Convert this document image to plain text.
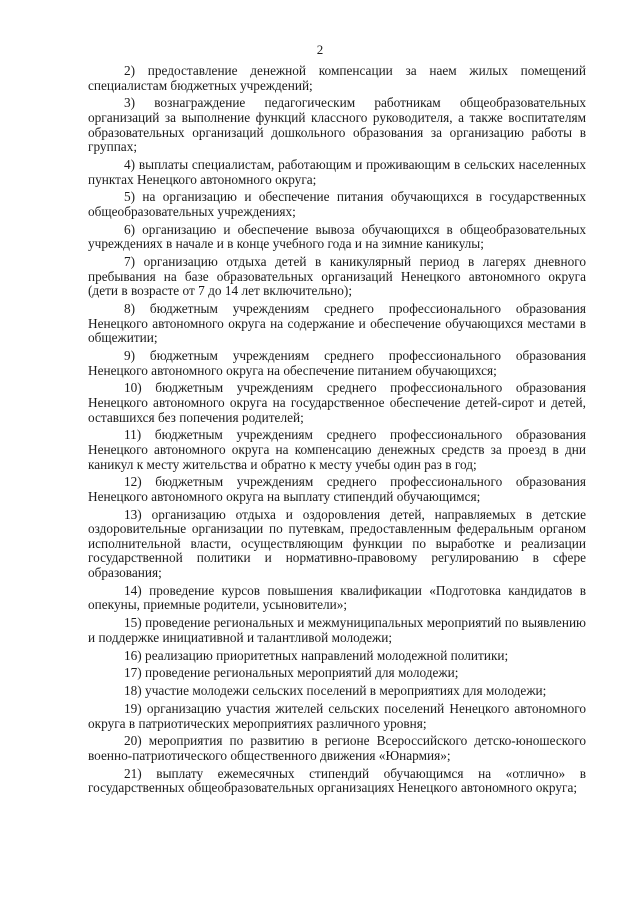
2

2) предоставление денежной компенсации за наем жилых помещений специалистам бюджетных учреждений;

3) вознаграждение педагогическим работникам общеобразовательных организаций за выполнение функций классного руководителя, а также воспитателям образовательных организаций дошкольного образования за организацию работы в группах;

4) выплаты специалистам, работающим и проживающим в сельских населенных пунктах Ненецкого автономного округа;

5) на организацию и обеспечение питания обучающихся в государственных общеобразовательных учреждениях;

6) организацию и обеспечение вывоза обучающихся в общеобразовательных учреждениях в начале и в конце учебного года и на зимние каникулы;

7) организацию отдыха детей в каникулярный период в лагерях дневного пребывания на базе образовательных организаций Ненецкого автономного округа (дети в возрасте от 7 до 14 лет включительно);

8) бюджетным учреждениям среднего профессионального образования Ненецкого автономного округа на содержание и обеспечение обучающихся местами в общежитии;

9) бюджетным учреждениям среднего профессионального образования Ненецкого автономного округа на обеспечение питанием обучающихся;

10) бюджетным учреждениям среднего профессионального образования Ненецкого автономного округа на государственное обеспечение детей-сирот и детей, оставшихся без попечения родителей;

11) бюджетным учреждениям среднего профессионального образования Ненецкого автономного округа на компенсацию денежных средств за проезд в дни каникул к месту жительства и обратно к месту учебы один раз в год;

12) бюджетным учреждениям среднего профессионального образования Ненецкого автономного округа на выплату стипендий обучающимся;

13) организацию отдыха и оздоровления детей, направляемых в детские оздоровительные организации по путевкам, предоставленным федеральным органом исполнительной власти, осуществляющим функции по выработке и реализации государственной политики и нормативно-правовому регулированию в сфере образования;

14) проведение курсов повышения квалификации «Подготовка кандидатов в опекуны, приемные родители, усыновители»;

15) проведение региональных и межмуниципальных мероприятий по выявлению и поддержке инициативной и талантливой молодежи;

16) реализацию приоритетных направлений молодежной политики;

17) проведение региональных мероприятий для молодежи;

18) участие молодежи сельских поселений в мероприятиях для молодежи;

19) организацию участия жителей сельских поселений Ненецкого автономного округа в патриотических мероприятиях различного уровня;

20) мероприятия по развитию в регионе Всероссийского детско-юношеского военно-патриотического общественного движения «Юнармия»;

21) выплату ежемесячных стипендий обучающимся на «отлично» в государственных общеобразовательных организациях Ненецкого автономного округа;
